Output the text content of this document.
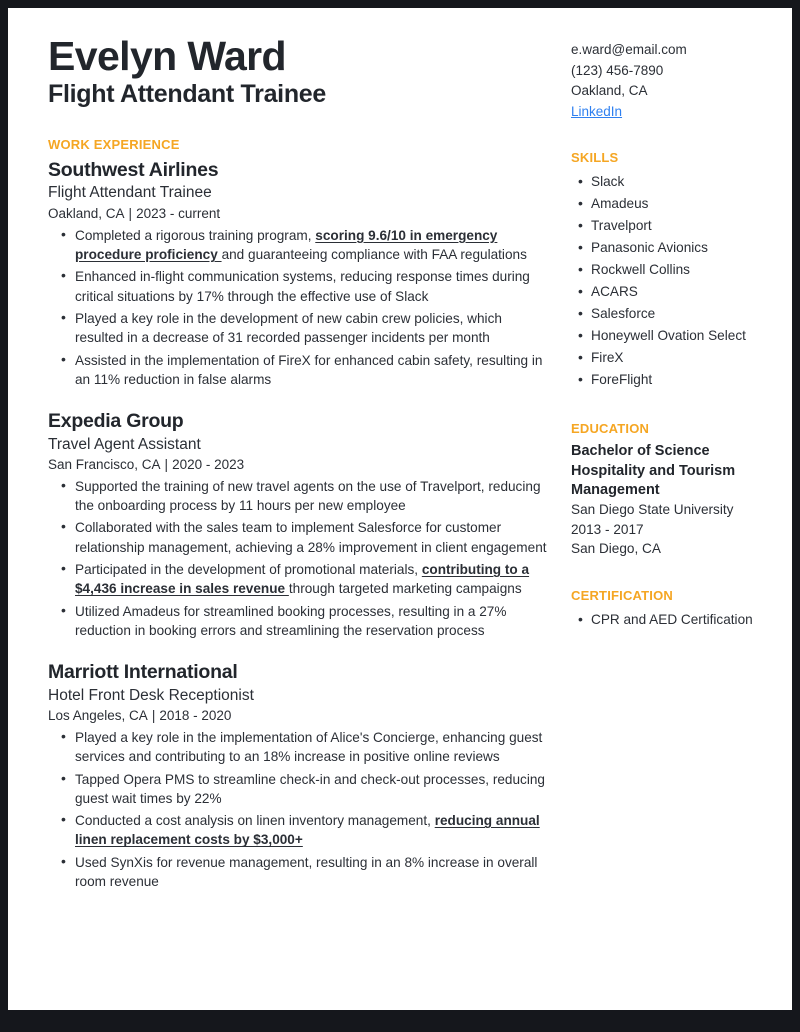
Evelyn Ward
Flight Attendant Trainee
WORK EXPERIENCE
Southwest Airlines
Flight Attendant Trainee
Oakland, CA | 2023 - current
• Completed a rigorous training program, scoring 9.6/10 in emergency procedure proficiency and guaranteeing compliance with FAA regulations
• Enhanced in-flight communication systems, reducing response times during critical situations by 17% through the effective use of Slack
• Played a key role in the development of new cabin crew policies, which resulted in a decrease of 31 recorded passenger incidents per month
• Assisted in the implementation of FireX for enhanced cabin safety, resulting in an 11% reduction in false alarms
Expedia Group
Travel Agent Assistant
San Francisco, CA | 2020 - 2023
• Supported the training of new travel agents on the use of Travelport, reducing the onboarding process by 11 hours per new employee
• Collaborated with the sales team to implement Salesforce for customer relationship management, achieving a 28% improvement in client engagement
• Participated in the development of promotional materials, contributing to a $4,436 increase in sales revenue through targeted marketing campaigns
• Utilized Amadeus for streamlined booking processes, resulting in a 27% reduction in booking errors and streamlining the reservation process
Marriott International
Hotel Front Desk Receptionist
Los Angeles, CA | 2018 - 2020
• Played a key role in the implementation of Alice's Concierge, enhancing guest services and contributing to an 18% increase in positive online reviews
• Tapped Opera PMS to streamline check-in and check-out processes, reducing guest wait times by 22%
• Conducted a cost analysis on linen inventory management, reducing annual linen replacement costs by $3,000+
• Used SynXis for revenue management, resulting in an 8% increase in overall room revenue
e.ward@email.com
(123) 456-7890
Oakland, CA
LinkedIn
SKILLS
• Slack
• Amadeus
• Travelport
• Panasonic Avionics
• Rockwell Collins
• ACARS
• Salesforce
• Honeywell Ovation Select
• FireX
• ForeFlight
EDUCATION

Bachelor of Science Hospitality and Tourism Management

San Diego State University

2013 - 2017

San Diego, CA

CERTIFICATION
• CPR and AED Certification
